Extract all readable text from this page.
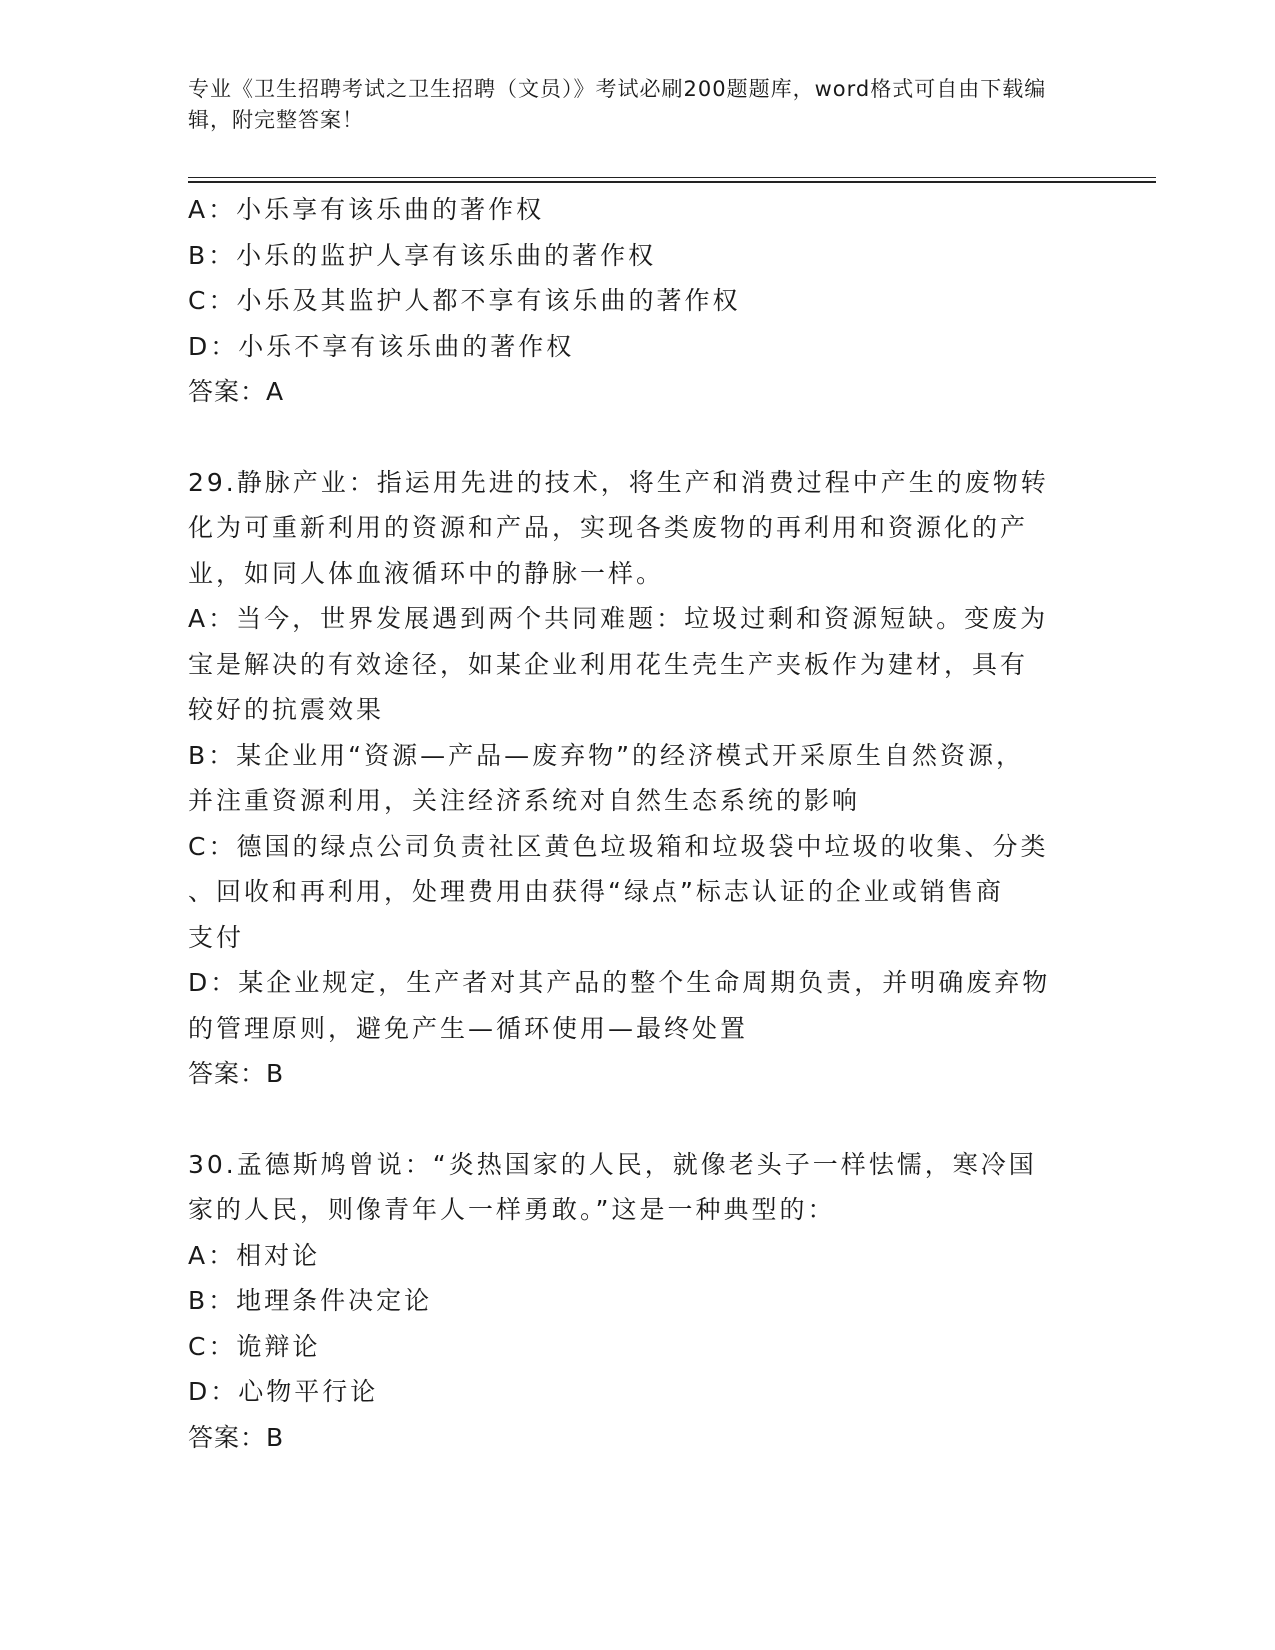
专业《卫生招聘考试之卫生招聘（文员）》考试必刷200题题库，word格式可自由下载编辑，附完整答案！
A：小乐享有该乐曲的著作权
B：小乐的监护人享有该乐曲的著作权
C：小乐及其监护人都不享有该乐曲的著作权
D：小乐不享有该乐曲的著作权
答案：A
29.静脉产业：指运用先进的技术，将生产和消费过程中产生的废物转
化为可重新利用的资源和产品，实现各类废物的再利用和资源化的产
业，如同人体血液循环中的静脉一样。
A：当今，世界发展遇到两个共同难题：垃圾过剩和资源短缺。变废为
宝是解决的有效途径，如某企业利用花生壳生产夹板作为建材，具有
较好的抗震效果
B：某企业用“资源—产品—废弃物”的经济模式开采原生自然资源，
并注重资源利用，关注经济系统对自然生态系统的影响
C：德国的绿点公司负责社区黄色垃圾箱和垃圾袋中垃圾的收集、分类
、回收和再利用，处理费用由获得“绿点”标志认证的企业或销售商
支付
D：某企业规定，生产者对其产品的整个生命周期负责，并明确废弃物
的管理原则，避免产生—循环使用—最终处置
答案：B
30.孟德斯鸠曾说：“炎热国家的人民，就像老头子一样怯懦，寒冷国
家的人民，则像青年人一样勇敢。”这是一种典型的：
A：相对论
B：地理条件决定论
C：诡辩论
D：心物平行论
答案：B
